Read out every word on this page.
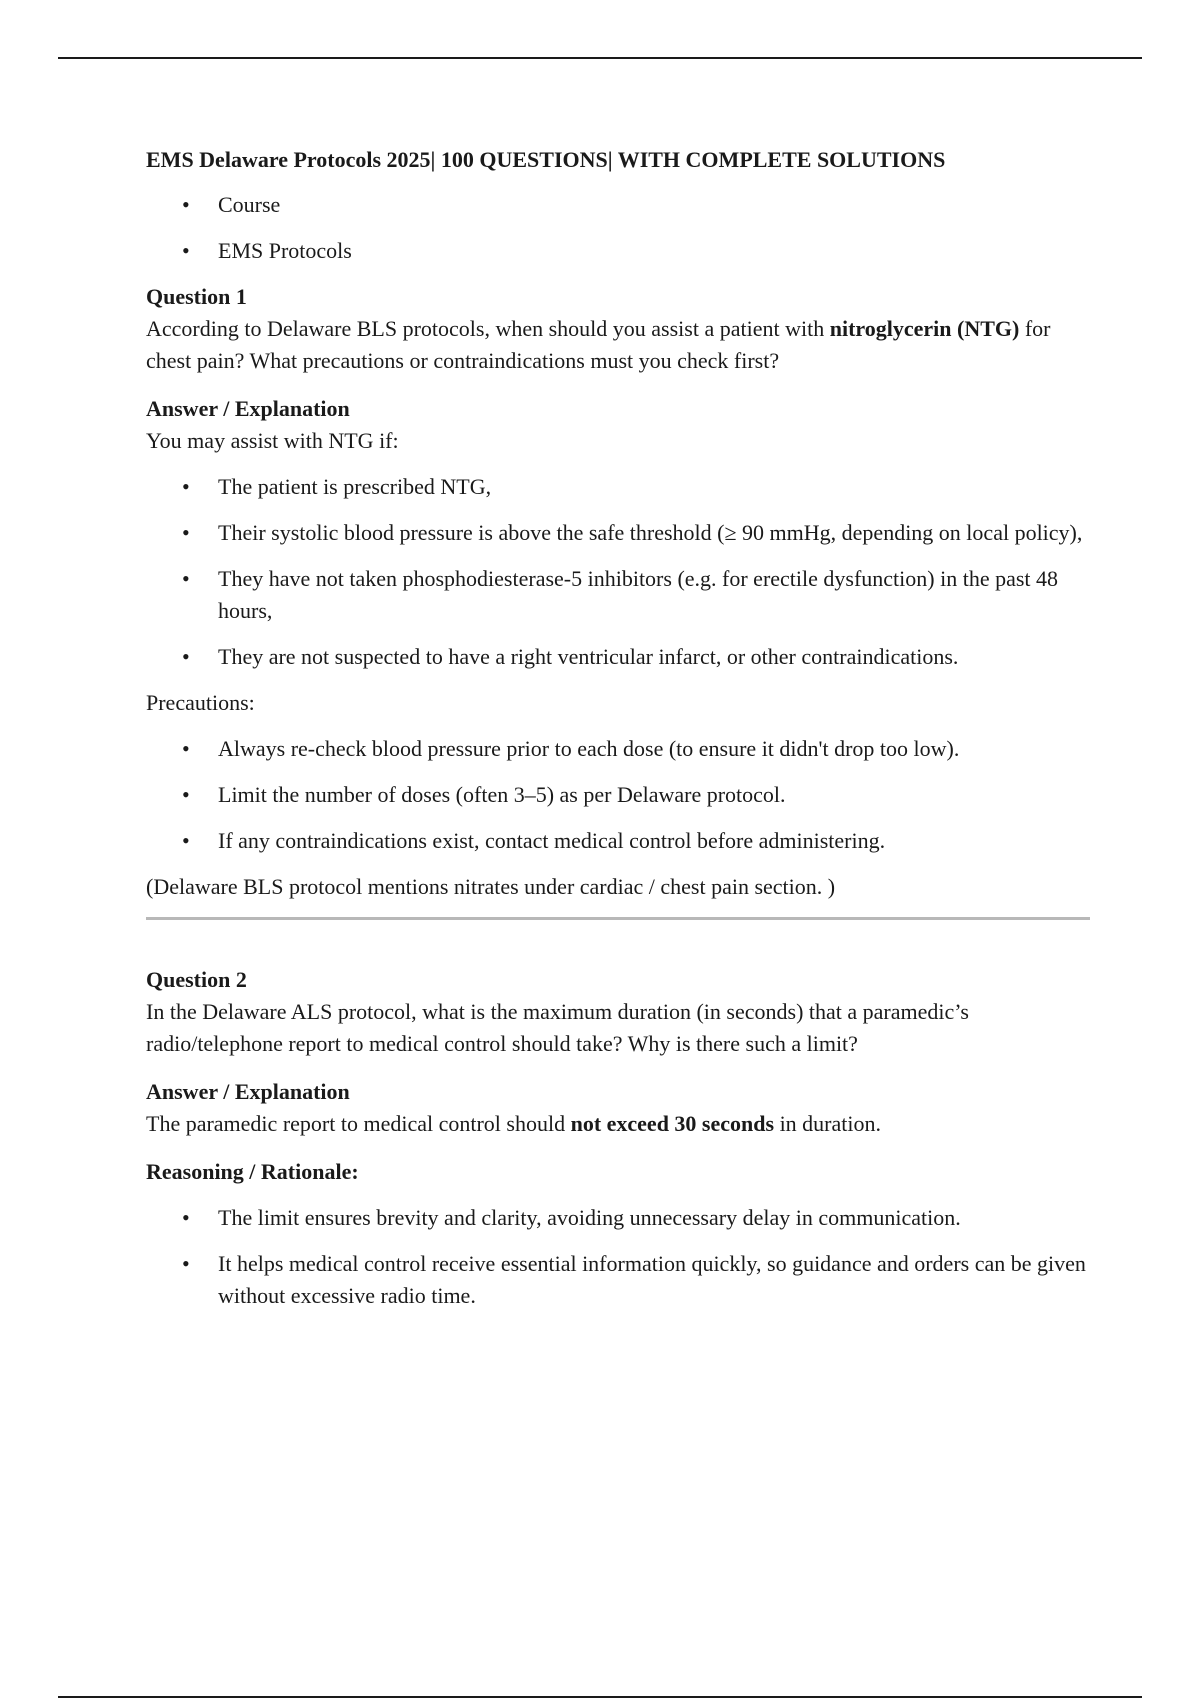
EMS Delaware Protocols 2025| 100 QUESTIONS| WITH COMPLETE SOLUTIONS
• Course
• EMS Protocols
Question 1

According to Delaware BLS protocols, when should you assist a patient with nitroglycerin (NTG) for chest pain? What precautions or contraindications must you check first?

Answer / Explanation

You may assist with NTG if:

• The patient is prescribed NTG,
• Their systolic blood pressure is above the safe threshold (≥ 90 mmHg, depending on local policy),
• They have not taken phosphodiesterase-5 inhibitors (e.g. for erectile dysfunction) in the past 48 hours,
• They are not suspected to have a right ventricular infarct, or other contraindications.

Precautions:

• Always re-check blood pressure prior to each dose (to ensure it didn't drop too low).
• Limit the number of doses (often 3–5) as per Delaware protocol.
• If any contraindications exist, contact medical control before administering.

(Delaware BLS protocol mentions nitrates under cardiac / chest pain section. )

Question 2

In the Delaware ALS protocol, what is the maximum duration (in seconds) that a paramedic’s radio/telephone report to medical control should take? Why is there such a limit?

Answer / Explanation

The paramedic report to medical control should not exceed 30 seconds in duration.

Reasoning / Rationale:
• The limit ensures brevity and clarity, avoiding unnecessary delay in communication.
• It helps medical control receive essential information quickly, so guidance and orders can be given without excessive radio time.
